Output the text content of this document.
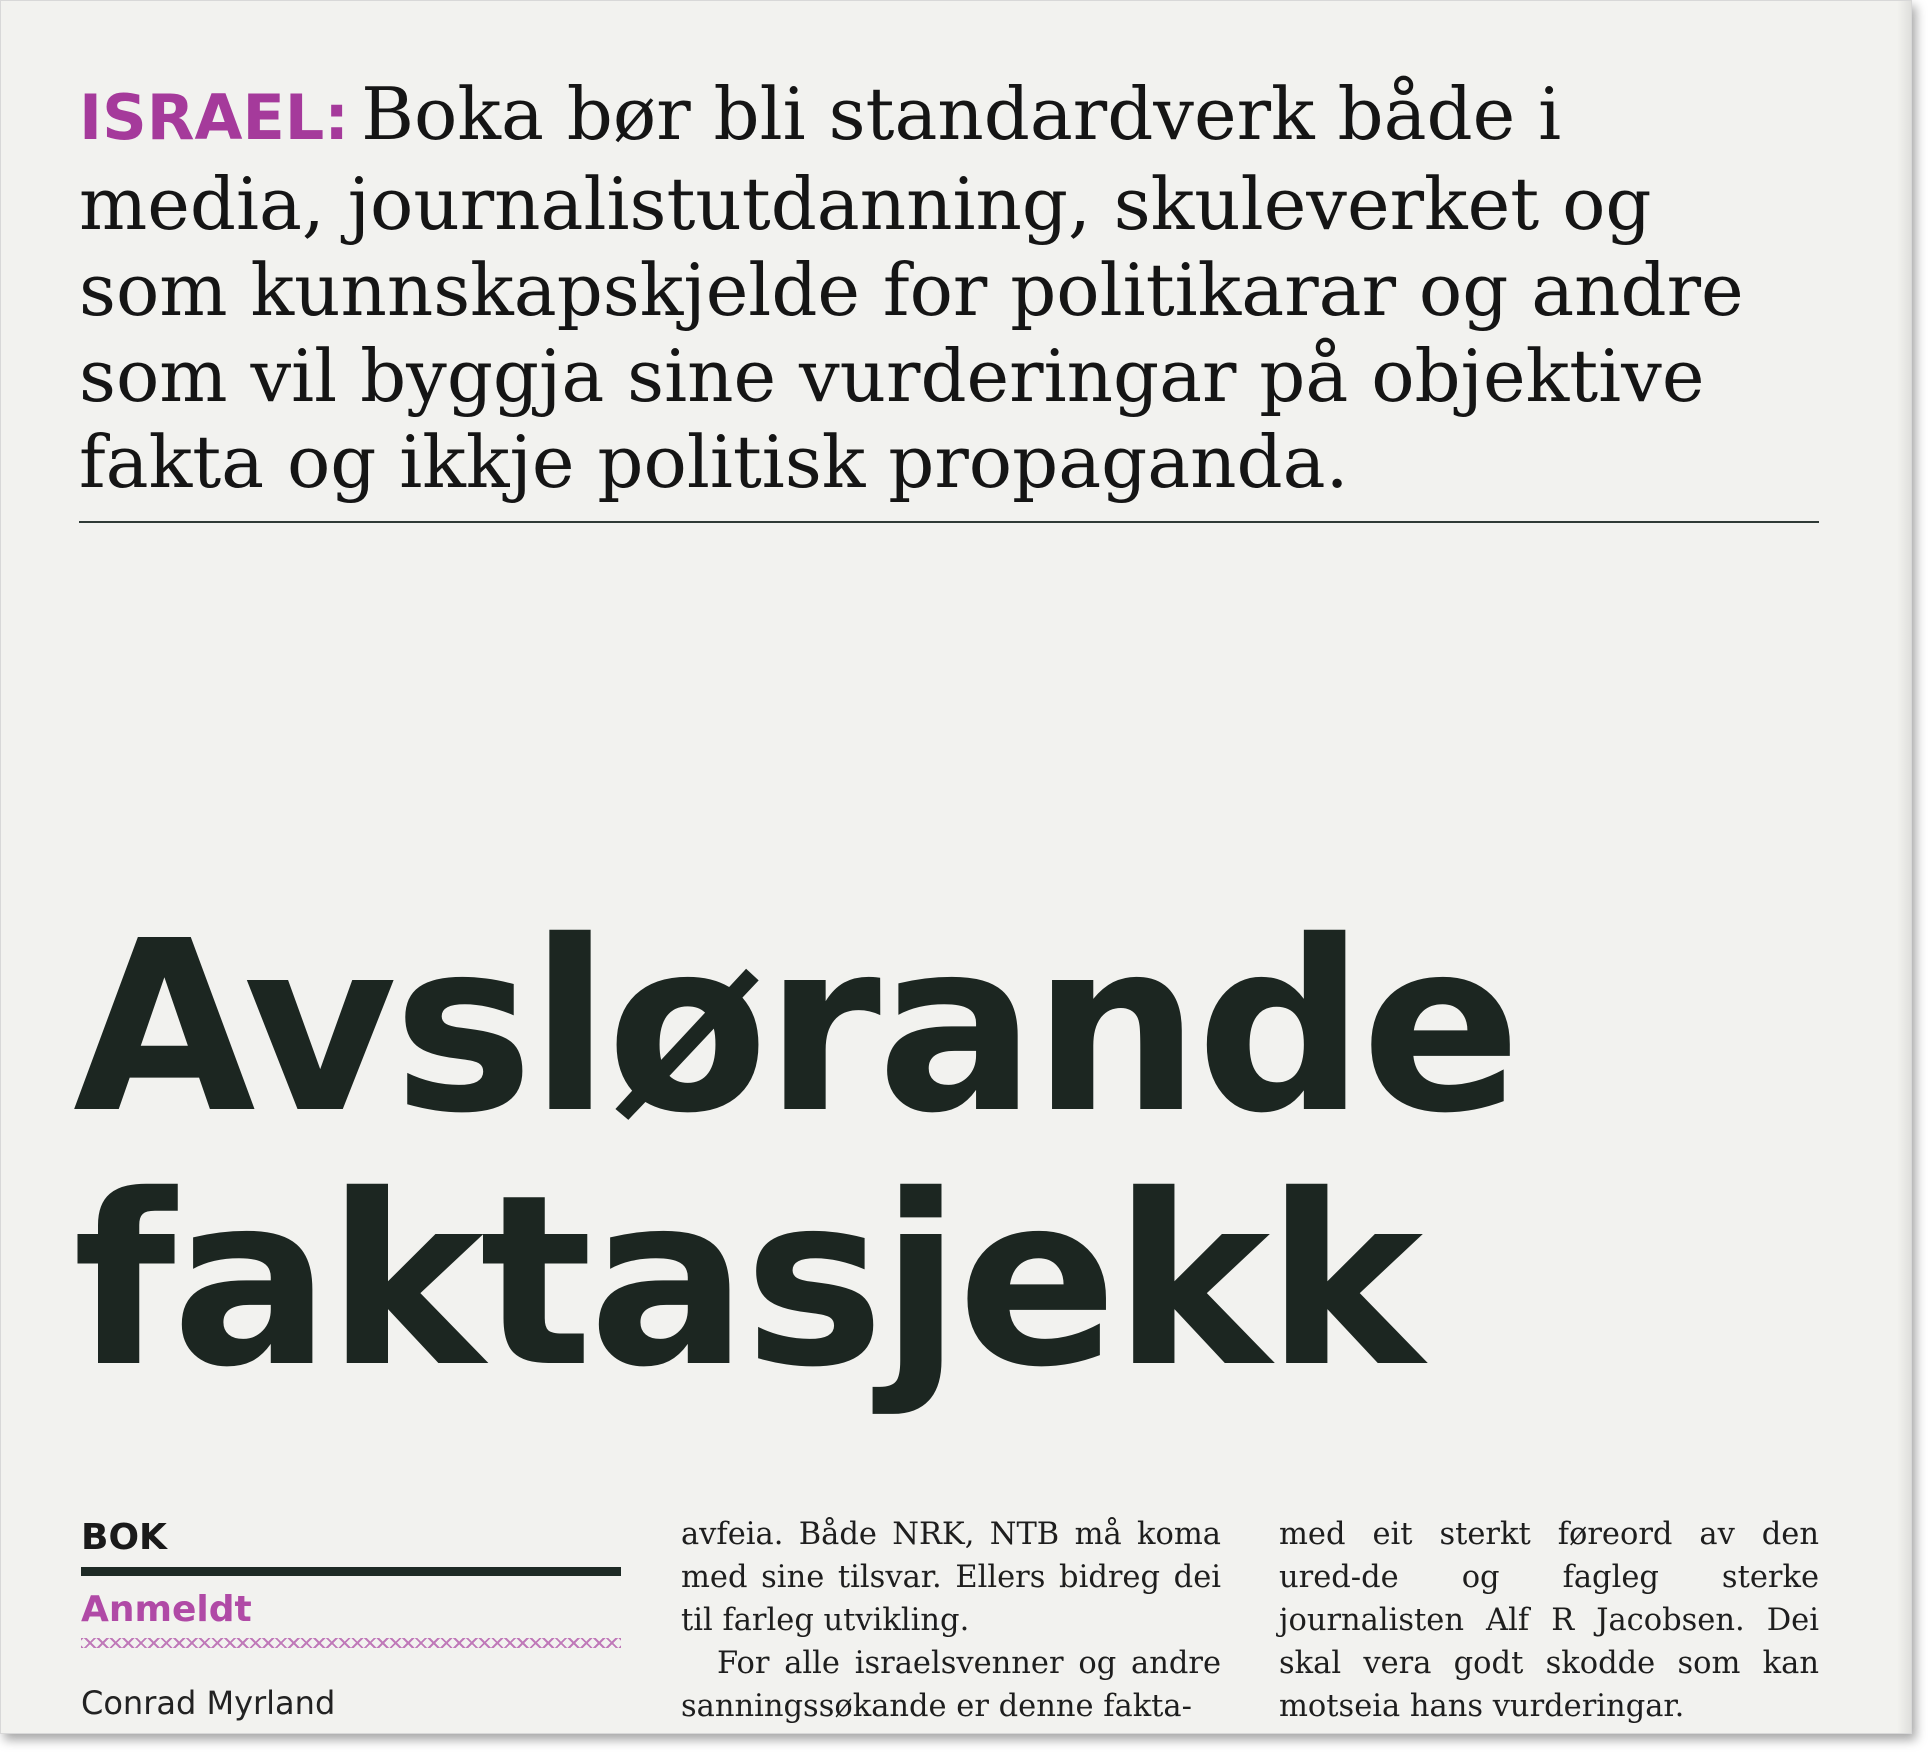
ISRAEL: Boka bør bli standardverk både i media, journalistutdanning, skuleverket og som kunnskapskjelde for politikarar og andre som vil byggja sine vurderingar på objektive fakta og ikkje politisk propaganda.
Avslørande
faktasjekk
BOK
Anmeldt
Conrad Myrland

avfeia. Både NRK, NTB må koma med sine tilsvar. Ellers bidreg dei til farleg utvikling.

For alle israelsvenner og andre sanningssøkande er denne fakta-

med eit sterkt føreord av den ured-de og fagleg sterke journalisten Alf R Jacobsen. Dei skal vera godt skodde som kan motseia hans vurderingar.
